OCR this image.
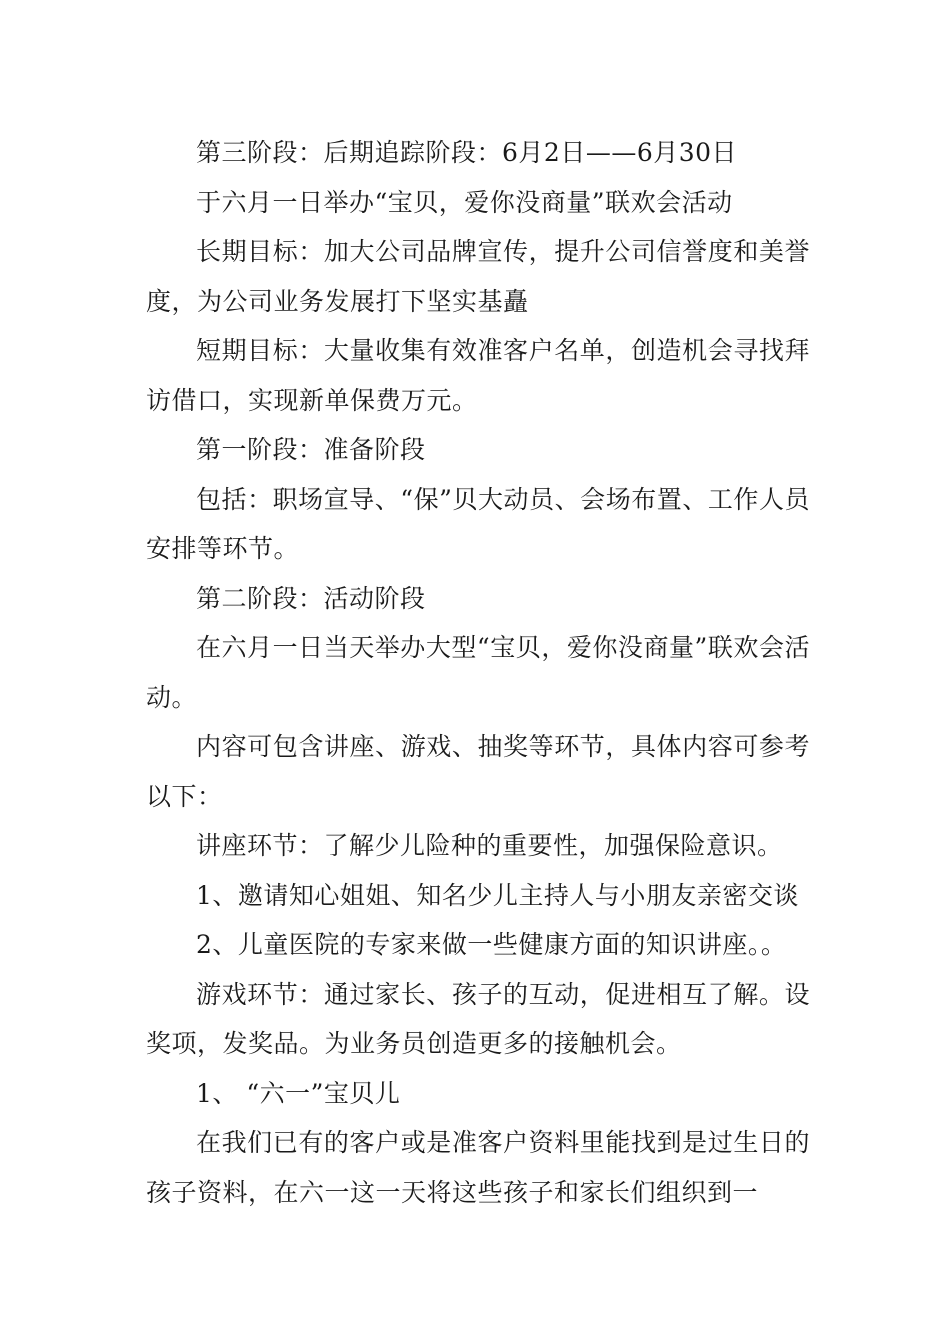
第三阶段：后期追踪阶段：6月2日——6月30日

于六月一日举办“宝贝，爱你没商量”联欢会活动

长期目标：加大公司品牌宣传，提升公司信誉度和美誉度，为公司业务发展打下坚实基矗

短期目标：大量收集有效准客户名单，创造机会寻找拜访借口，实现新单保费万元。

第一阶段：准备阶段

包括：职场宣导、“保”贝大动员、会场布置、工作人员安排等环节。

第二阶段：活动阶段

在六月一日当天举办大型“宝贝，爱你没商量”联欢会活动。

内容可包含讲座、游戏、抽奖等环节，具体内容可参考以下：

讲座环节：了解少儿险种的重要性，加强保险意识。

1、邀请知心姐姐、知名少儿主持人与小朋友亲密交谈

2、儿童医院的专家来做一些健康方面的知识讲座。。

游戏环节：通过家长、孩子的互动，促进相互了解。设奖项，发奖品。为业务员创造更多的接触机会。

1、 “六一”宝贝儿

在我们已有的客户或是准客户资料里能找到是过生日的孩子资料，在六一这一天将这些孩子和家长们组织到一
